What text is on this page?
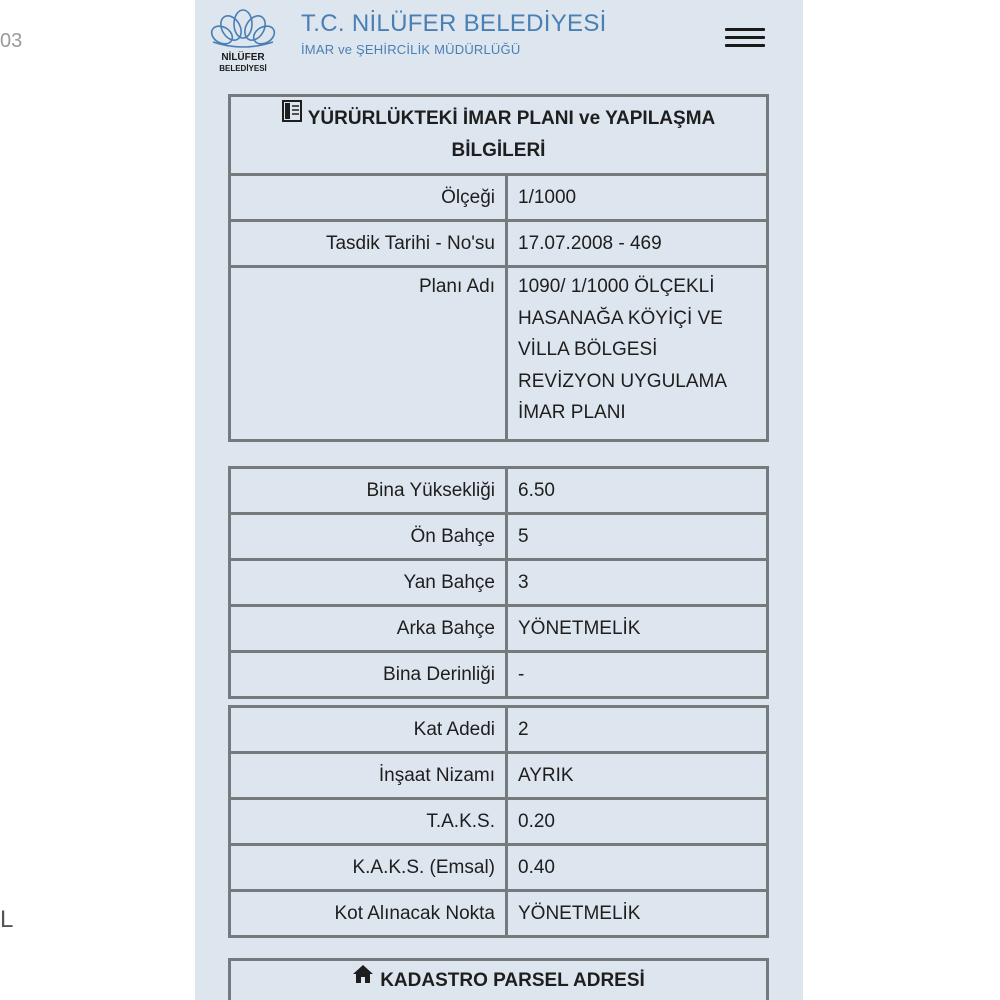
03
L
NİLÜFER
BELEDİYESİ
T.C. NİLÜFER BELEDİYESİ
İMAR ve ŞEHİRCİLİK MÜDÜRLÜĞÜ
YÜRÜRLÜKTEKİ İMAR PLANI ve YAPILAŞMA BİLGİLERİ	
Ölçeği	1/1000
Tasdik Tarihi - No'su	17.07.2008 - 469
Planı Adı	1090/ 1/1000 ÖLÇEKLİ HASANAĞA KÖYİÇİ VE VİLLA BÖLGESİ REVİZYON UYGULAMA İMAR PLANI
Bina Yüksekliği	6.50
Ön Bahçe	5
Yan Bahçe	3
Arka Bahçe	YÖNETMELİK
Bina Derinliği	-
Kat Adedi	2
İnşaat Nizamı	AYRIK
T.A.K.S.	0.20
K.A.K.S. (Emsal)	0.40
Kot Alınacak Nokta	YÖNETMELİK
KADASTRO PARSEL ADRESİ
